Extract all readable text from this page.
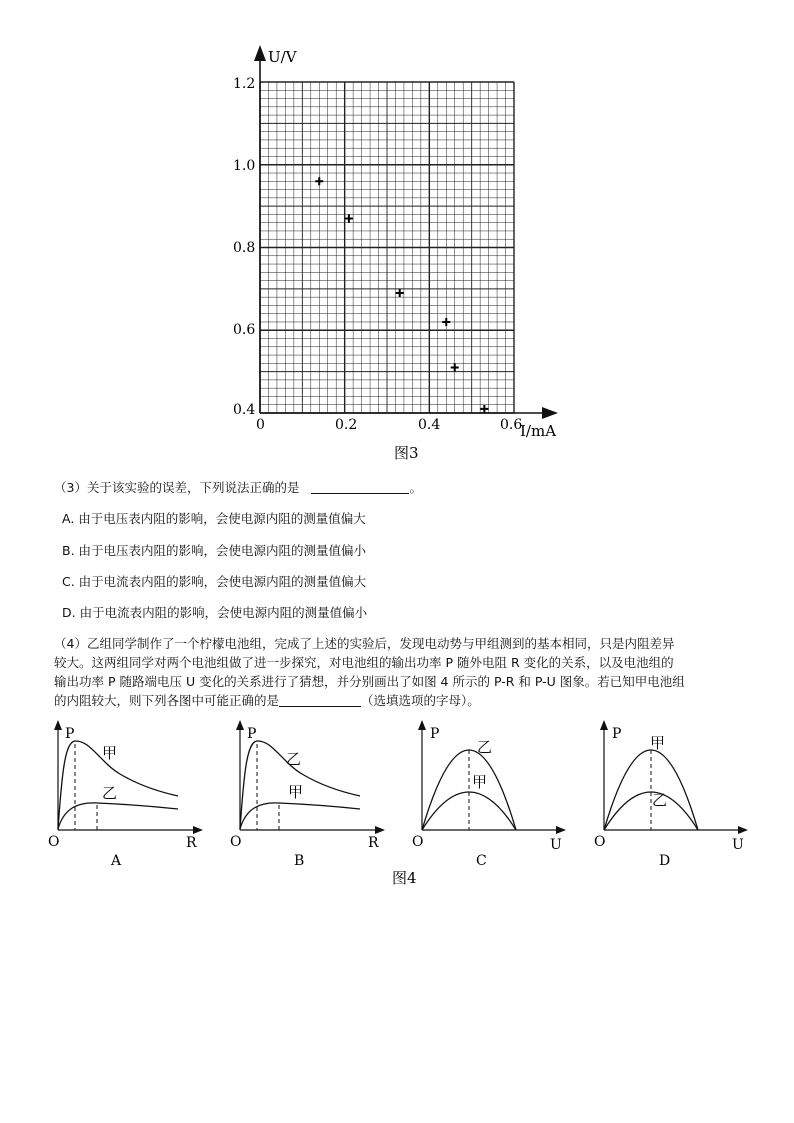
U/V
I/mA
1.2
1.0
0.8
0.6
0.4
0	0.2	0.4	0.6
图3
（3）关于该实验的误差，下列说法正确的是	。
A. 由于电压表内阻的影响，会使电源内阻的测量值偏大
B. 由于电压表内阻的影响，会使电源内阻的测量值偏小
C. 由于电流表内阻的影响，会使电源内阻的测量值偏大
D. 由于电流表内阻的影响，会使电源内阻的测量值偏小
（4）乙组同学制作了一个柠檬电池组，完成了上述的实验后，发现电动势与甲组测到的基本相同，只是内阻差异
较大。这两组同学对两个电池组做了进一步探究，对电池组的输出功率 P 随外电阻 R 变化的关系，以及电池组的
输出功率 P 随路端电压 U 变化的关系进行了猜想，并分别画出了如图 4 所示的 P-R 和 P-U 图象。若已知甲电池组
的内阻较大，则下列各图中可能正确的是	（选填选项的字母）。
P
甲
乙
O	R
A
P
乙
甲
O	R
B
P
乙
甲
O	U
C
P 甲
乙
O	U
D
图4
